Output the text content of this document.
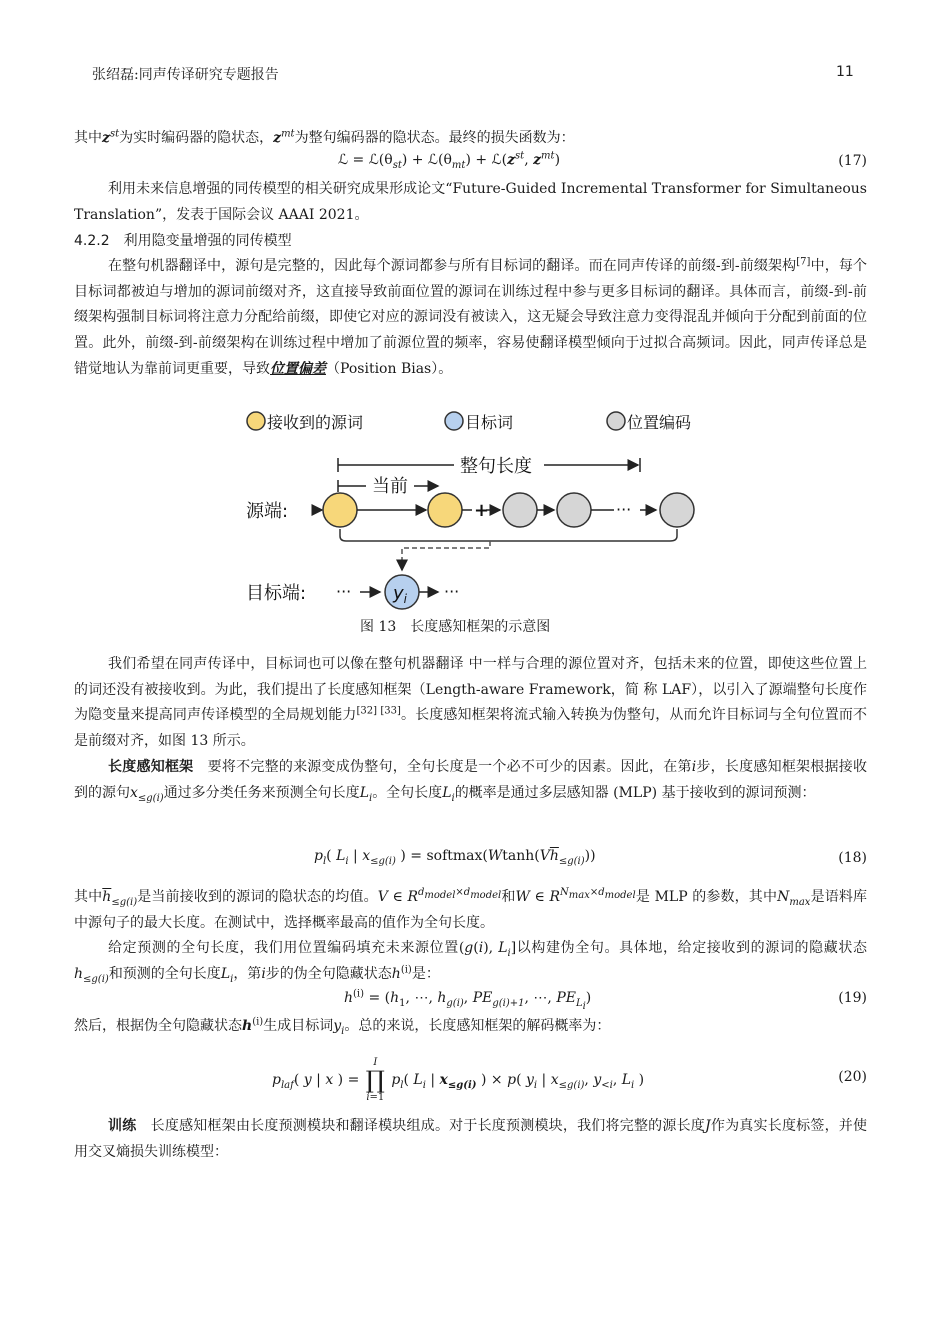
张绍磊:同声传译研究专题报告	11
其中$z^{st}$为实时编码器的隐状态，$z^{mt}$为整句编码器的隐状态。最终的损失函数为：
ℒ = $ℒ(\theta_{st})$ + $ℒ(\theta_{mt})$ + $ℒ(z^{st}$, $z^{mt}$)	(17)
利用未来信息增强的同传模型的相关研究成果形成论文“Future-Guided Incremental Transformer for Simultaneous Translation”，发表于国际会议 AAAI 2021。
4.2.2　 利用隐变量增强的同传模型
在整句机器翻译中，源句是完整的，因此每个源词都参与所有目标词的翻译。而在同声传译的前缀-到-前缀架构[7]中，每个目标词都被迫与增加的源词前缀对齐，这直接导致前面位置的源词在训练过程中参与更多目标词的翻译。具体而言，前缀-到-前缀架构强制目标词将注意力分配给前缀，即使它对应的源词没有被读入，这无疑会导致注意力变得混乱并倾向于分配到前面的位置。此外，前缀-到-前缀架构在训练过程中增加了前源位置的频率，容易使翻译模型倾向于过拟合高频词。因此，同声传译总是错觉地认为靠前词更重要，导致位置偏差（Position Bias）。
接收到的源词	目标词	位置编码
整句长度
当前
源端:	+	···
目标端: ··· $y_i$ ···
图 13　长度感知框架的示意图
我们希望在同声传译中，目标词也可以像在整句机器翻译 中一样与合理的源位置对齐，包括未来的位置，即使这些位置上的词还没有被接收到。为此，我们提出了长度感知框架（Length-aware Framework，简 称 LAF），以引入了源端整句长度作为隐变量来提高同声传译模型的全局规划能力[32] [33]。长度感知框架将流式输入转换为伪整句，从而允许目标词与全句位置而不是前缀对齐，如图 13 所示。
长度感知框架　要将不完整的来源变成伪整句，全句长度是一个必不可少的因素。因此，在第i步，长度感知框架根据接收到的源句$x_{\le g(i)}$通过多分类任务来预测全句长度$L_i$。全句长度$L_i$的概率是通过多层感知器 (MLP) 基于接收到的源词预测：
$p_l$( $L_i$ | $x_{\le g(i)}$ ) = $softmax(Wtanh(V\overline{h}_{\le g(i)}))$	(18)
其中$\overline{h}_{\le g(i)}$是当前接收到的源词的隐状态的均值。V ∈ $R^{d_{model}\times d_{model}}$和W ∈ $R^{N_{max}\times d_{model}}$是 MLP 的参数，其中$N_{max}$是语料库中源句子的最大长度。在测试中，选择概率最高的值作为全句长度。
给定预测的全句长度，我们用位置编码填充未来源位置(g(i), $L_i$]以构建伪全句。具体地，给定接收到的源词的隐藏状态$h_{\le g(i)}$和预测的全句长度$L_i$，第i步的伪全句隐藏状态$h^{(i)}$是：
$h^{(i)} = (h_1$, ⋯, $h_{g(i)}$, $PE_{g(i)+1}$, ⋯, $PE_{L_i}$)	(19)
然后，根据伪全句隐藏状态$h^{(i)}$生成目标词$y_i$。总的来说，长度感知框架的解码概率为：
$p_{laf}$( y | x ) =
I
∏
i=1
$p_l$( $L_i$ | $x_{\le g(i)}$ ) × p( $y_i$ | $x_{\le g(i)}$, $y_{<i}$, $L_i$ )	(20)
训练　长度感知框架由长度预测模块和翻译模块组成。对于长度预测模块，我们将完整的源长度J作为真实长度标签，并使用交叉熵损失训练模型：
